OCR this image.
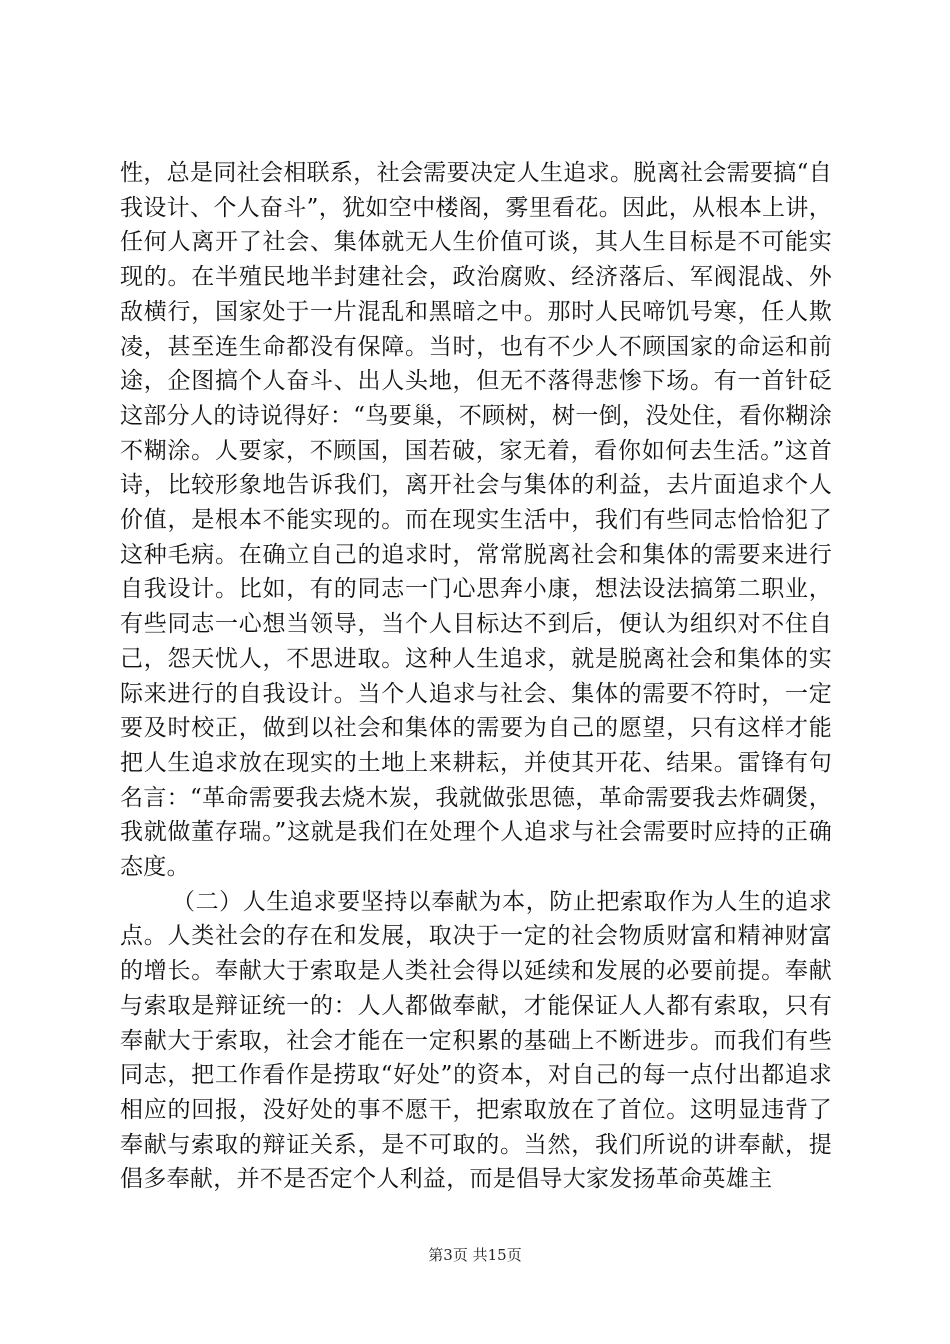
性，总是同社会相联系，社会需要决定人生追求。脱离社会需要搞“自我设计、个人奋斗”，犹如空中楼阁，雾里看花。因此，从根本上讲，任何人离开了社会、集体就无人生价值可谈，其人生目标是不可能实现的。在半殖民地半封建社会，政治腐败、经济落后、军阀混战、外敌横行，国家处于一片混乱和黑暗之中。那时人民啼饥号寒，任人欺凌，甚至连生命都没有保障。当时，也有不少人不顾国家的命运和前途，企图搞个人奋斗、出人头地，但无不落得悲惨下场。有一首针砭这部分人的诗说得好：“鸟要巢，不顾树，树一倒，没处住，看你糊涂不糊涂。人要家，不顾国，国若破，家无着，看你如何去生活。”这首诗，比较形象地告诉我们，离开社会与集体的利益，去片面追求个人价值，是根本不能实现的。而在现实生活中，我们有些同志恰恰犯了这种毛病。在确立自己的追求时，常常脱离社会和集体的需要来进行自我设计。比如，有的同志一门心思奔小康，想法设法搞第二职业，有些同志一心想当领导，当个人目标达不到后，便认为组织对不住自己，怨天忧人，不思进取。这种人生追求，就是脱离社会和集体的实际来进行的自我设计。当个人追求与社会、集体的需要不符时，一定要及时校正，做到以社会和集体的需要为自己的愿望，只有这样才能把人生追求放在现实的土地上来耕耘，并使其开花、结果。雷锋有句名言：“革命需要我去烧木炭，我就做张思德，革命需要我去炸碉煲，我就做董存瑞。”这就是我们在处理个人追求与社会需要时应持的正确态度。

（二）人生追求要坚持以奉献为本，防止把索取作为人生的追求点。人类社会的存在和发展，取决于一定的社会物质财富和精神财富的增长。奉献大于索取是人类社会得以延续和发展的必要前提。奉献与索取是辩证统一的：人人都做奉献，才能保证人人都有索取，只有奉献大于索取，社会才能在一定积累的基础上不断进步。而我们有些同志，把工作看作是捞取“好处”的资本，对自己的每一点付出都追求相应的回报，没好处的事不愿干，把索取放在了首位。这明显违背了奉献与索取的辩证关系，是不可取的。当然，我们所说的讲奉献，提倡多奉献，并不是否定个人利益，而是倡导大家发扬革命英雄主

第3页 共15页
